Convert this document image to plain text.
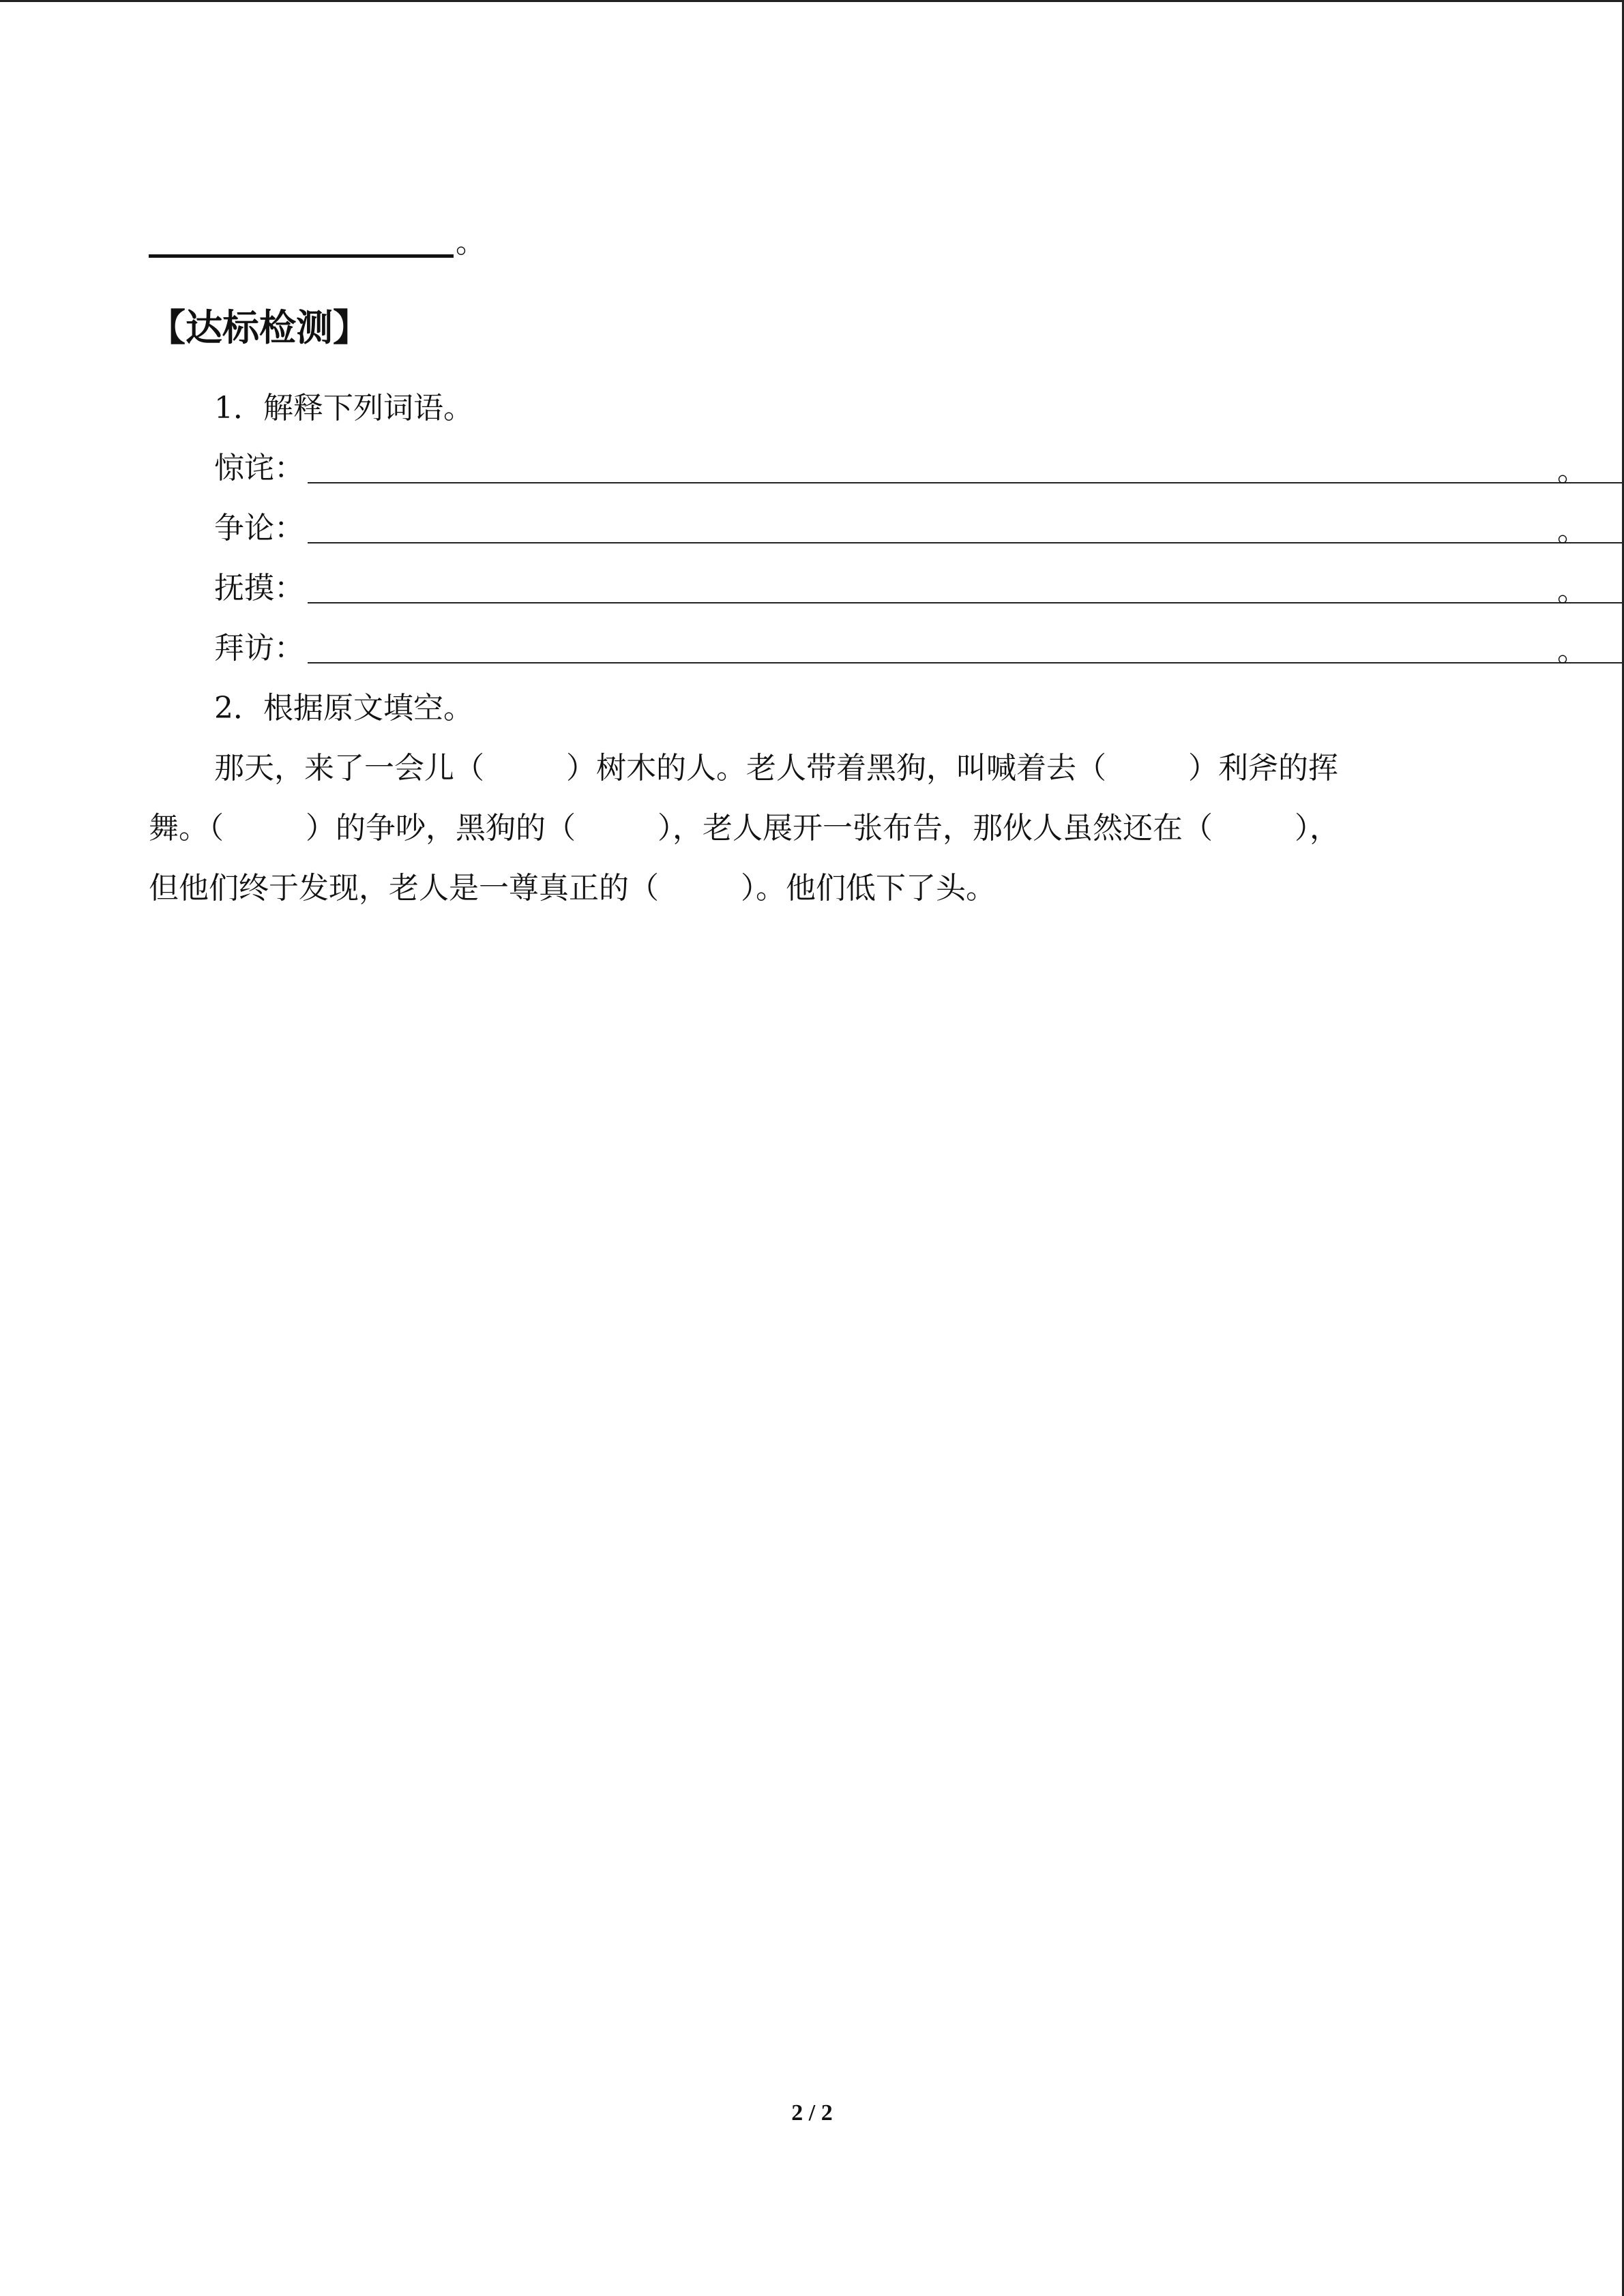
。
【达标检测】
1．解释下列词语。
惊诧：	。
争论：	。
抚摸：	。
拜访：	。
2．根据原文填空。
那天，来了一会儿（	）树木的人。老人带着黑狗，叫喊着去（	）利斧的挥
舞。（	）的争吵，黑狗的（	），老人展开一张布告，那伙人虽然还在（	），
但他们终于发现，老人是一尊真正的（	）。他们低下了头。
2 / 2
